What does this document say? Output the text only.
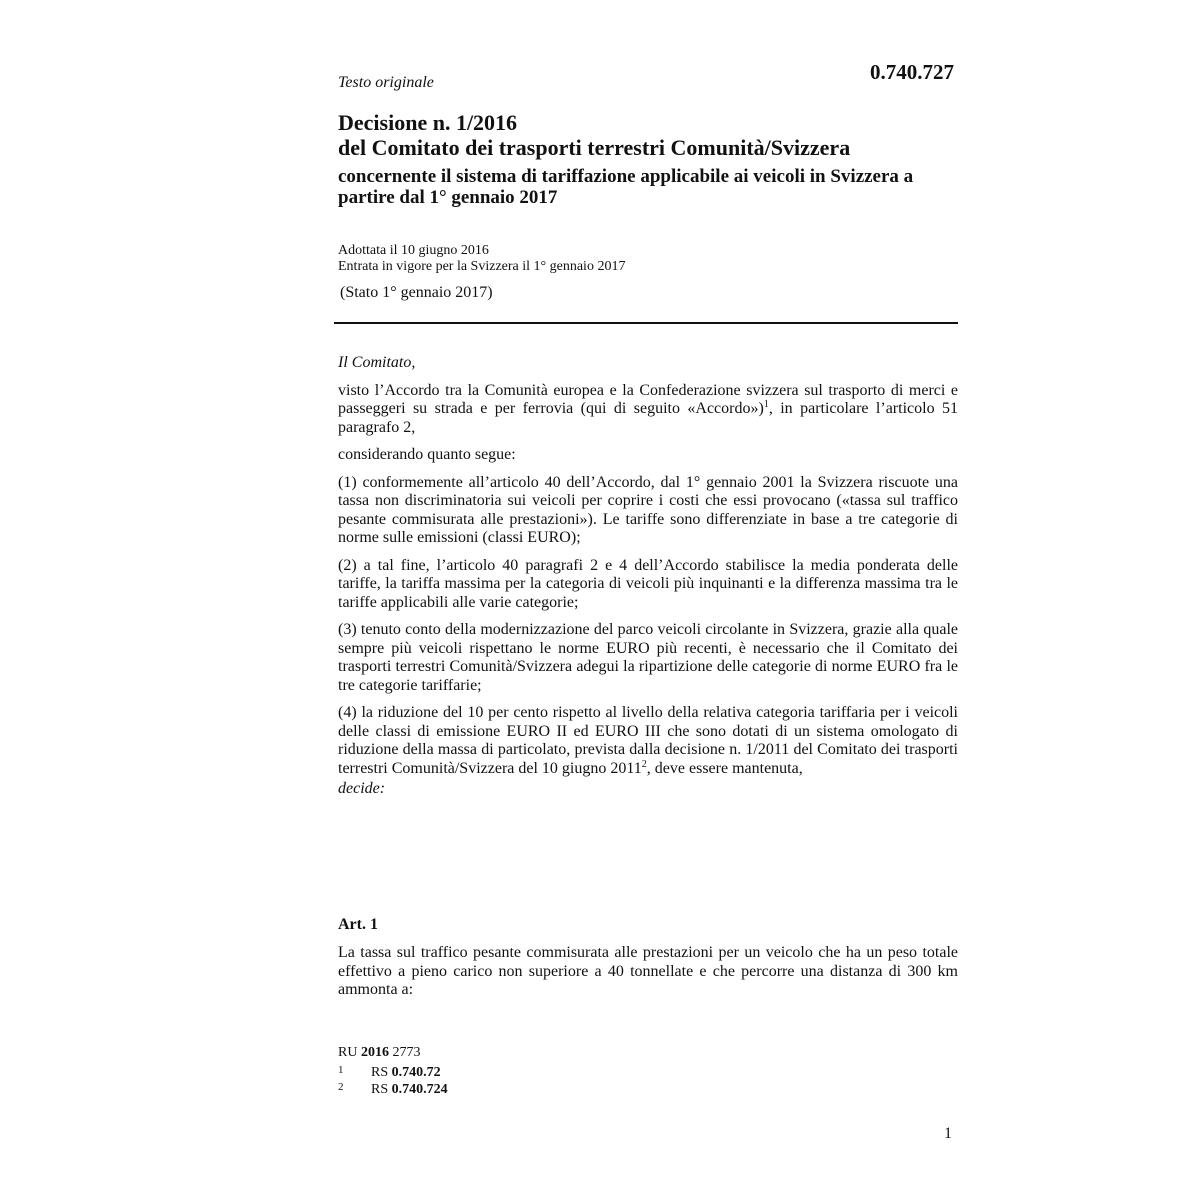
Testo originale	0.740.727
Decisione n. 1/2016
del Comitato dei trasporti terrestri Comunità/Svizzera
concernente il sistema di tariffazione applicabile ai veicoli in Svizzera a partire dal 1° gennaio 2017
Adottata il 10 giugno 2016
Entrata in vigore per la Svizzera il 1° gennaio 2017
(Stato 1° gennaio 2017)

Il Comitato,

visto l’Accordo tra la Comunità europea e la Confederazione svizzera sul trasporto di merci e passeggeri su strada e per ferrovia (qui di seguito «Accordo»)$^1$, in particolare l’articolo 51 paragrafo 2,

considerando quanto segue:

(1) conformemente all’articolo 40 dell’Accordo, dal 1° gennaio 2001 la Svizzera riscuote una tassa non discriminatoria sui veicoli per coprire i costi che essi provocano («tassa sul traffico pesante commisurata alle prestazioni»). Le tariffe sono differenziate in base a tre categorie di norme sulle emissioni (classi EURO);

(2) a tal fine, l’articolo 40 paragrafi 2 e 4 dell’Accordo stabilisce la media ponderata delle tariffe, la tariffa massima per la categoria di veicoli più inquinanti e la differenza massima tra le tariffe applicabili alle varie categorie;

(3) tenuto conto della modernizzazione del parco veicoli circolante in Svizzera, grazie alla quale sempre più veicoli rispettano le norme EURO più recenti, è necessario che il Comitato dei trasporti terrestri Comunità/Svizzera adegui la ripartizione delle categorie di norme EURO fra le tre categorie tariffarie;

(4) la riduzione del 10 per cento rispetto al livello della relativa categoria tariffaria per i veicoli delle classi di emissione EURO II ed EURO III che sono dotati di un sistema omologato di riduzione della massa di particolato, prevista dalla decisione n. 1/2011 del Comitato dei trasporti terrestri Comunità/Svizzera del 10 giugno 2011$^2$, deve essere mantenuta,

decide:

Art. 1
La tassa sul traffico pesante commisurata alle prestazioni per un veicolo che ha un peso totale effettivo a pieno carico non superiore a 40 tonnellate e che percorre una distanza di 300 km ammonta a:
RU 2016 2773
1 RS 0.740.72
2 RS 0.740.724
1
